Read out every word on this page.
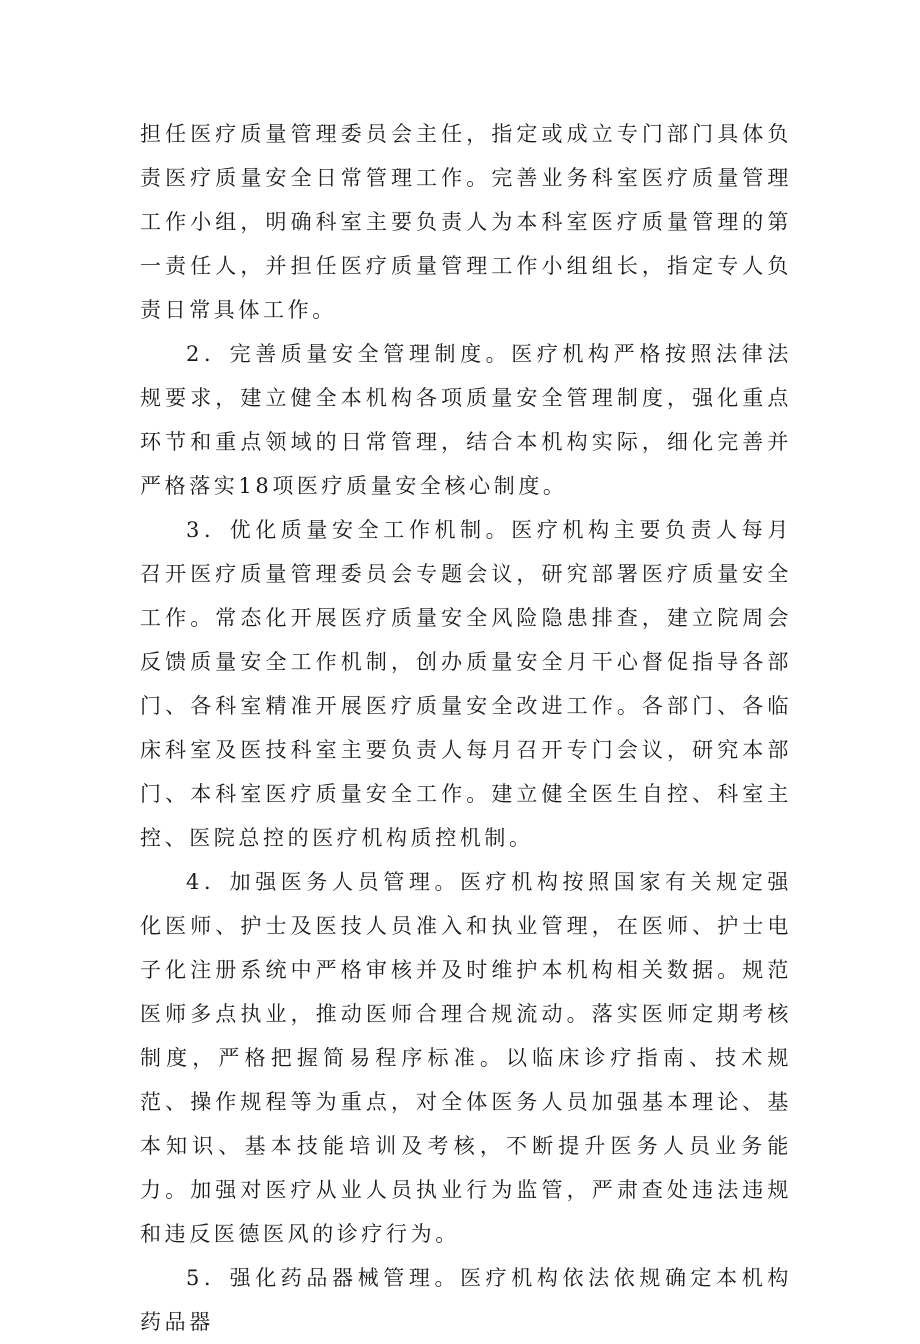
担任医疗质量管理委员会主任，指定或成立专门部门具体负责医疗质量安全日常管理工作。完善业务科室医疗质量管理工作小组，明确科室主要负责人为本科室医疗质量管理的第一责任人，并担任医疗质量管理工作小组组长，指定专人负责日常具体工作。

2．完善质量安全管理制度。医疗机构严格按照法律法规要求，建立健全本机构各项质量安全管理制度，强化重点环节和重点领域的日常管理，结合本机构实际，细化完善并严格落实18项医疗质量安全核心制度。

3．优化质量安全工作机制。医疗机构主要负责人每月召开医疗质量管理委员会专题会议，研究部署医疗质量安全工作。常态化开展医疗质量安全风险隐患排查，建立院周会反馈质量安全工作机制，创办质量安全月干心督促指导各部门、各科室精准开展医疗质量安全改进工作。各部门、各临床科室及医技科室主要负责人每月召开专门会议，研究本部门、本科室医疗质量安全工作。建立健全医生自控、科室主控、医院总控的医疗机构质控机制。

4．加强医务人员管理。医疗机构按照国家有关规定强化医师、护士及医技人员准入和执业管理，在医师、护士电子化注册系统中严格审核并及时维护本机构相关数据。规范医师多点执业，推动医师合理合规流动。落实医师定期考核制度，严格把握简易程序标准。以临床诊疗指南、技术规范、操作规程等为重点，对全体医务人员加强基本理论、基本知识、基本技能培训及考核，不断提升医务人员业务能力。加强对医疗从业人员执业行为监管，严肃查处违法违规和违反医德医风的诊疗行为。

5．强化药品器械管理。医疗机构依法依规确定本机构药品器
